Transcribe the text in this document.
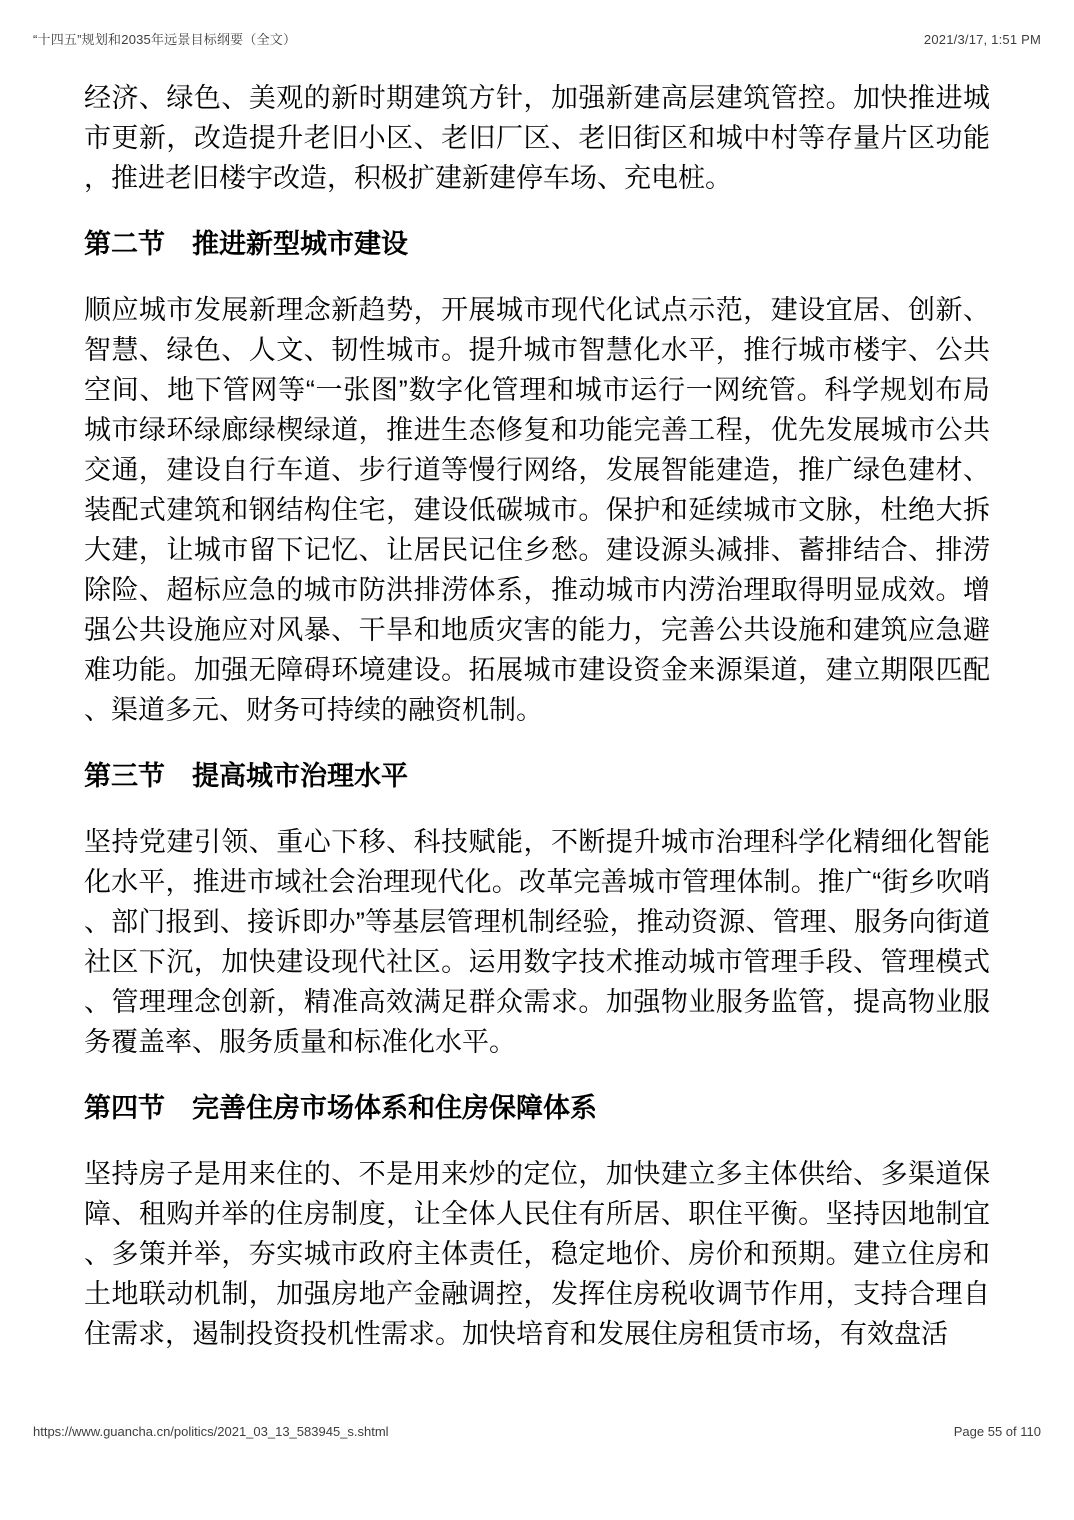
“十四五”规划和2035年远景目标纲要（全文）	2021/3/17, 1:51 PM

经济、绿色、美观的新时期建筑方针，加强新建高层建筑管控。加快推进城市更新，改造提升老旧小区、老旧厂区、老旧街区和城中村等存量片区功能，推进老旧楼宇改造，积极扩建新建停车场、充电桩。

第二节　推进新型城市建设

顺应城市发展新理念新趋势，开展城市现代化试点示范，建设宜居、创新、智慧、绿色、人文、韧性城市。提升城市智慧化水平，推行城市楼宇、公共空间、地下管网等“一张图”数字化管理和城市运行一网统管。科学规划布局城市绿环绿廊绿楔绿道，推进生态修复和功能完善工程，优先发展城市公共交通，建设自行车道、步行道等慢行网络，发展智能建造，推广绿色建材、装配式建筑和钢结构住宅，建设低碳城市。保护和延续城市文脉，杜绝大拆大建，让城市留下记忆、让居民记住乡愁。建设源头减排、蓄排结合、排涝除险、超标应急的城市防洪排涝体系，推动城市内涝治理取得明显成效。增强公共设施应对风暴、干旱和地质灾害的能力，完善公共设施和建筑应急避难功能。加强无障碍环境建设。拓展城市建设资金来源渠道，建立期限匹配、渠道多元、财务可持续的融资机制。

第三节　提高城市治理水平

坚持党建引领、重心下移、科技赋能，不断提升城市治理科学化精细化智能化水平，推进市域社会治理现代化。改革完善城市管理体制。推广“街乡吹哨、部门报到、接诉即办”等基层管理机制经验，推动资源、管理、服务向街道社区下沉，加快建设现代社区。运用数字技术推动城市管理手段、管理模式、管理理念创新，精准高效满足群众需求。加强物业服务监管，提高物业服务覆盖率、服务质量和标准化水平。

第四节　完善住房市场体系和住房保障体系

坚持房子是用来住的、不是用来炒的定位，加快建立多主体供给、多渠道保障、租购并举的住房制度，让全体人民住有所居、职住平衡。坚持因地制宜、多策并举，夯实城市政府主体责任，稳定地价、房价和预期。建立住房和土地联动机制，加强房地产金融调控，发挥住房税收调节作用，支持合理自住需求，遏制投资投机性需求。加快培育和发展住房租赁市场，有效盘活

https://www.guancha.cn/politics/2021_03_13_583945_s.shtml	Page 55 of 110
